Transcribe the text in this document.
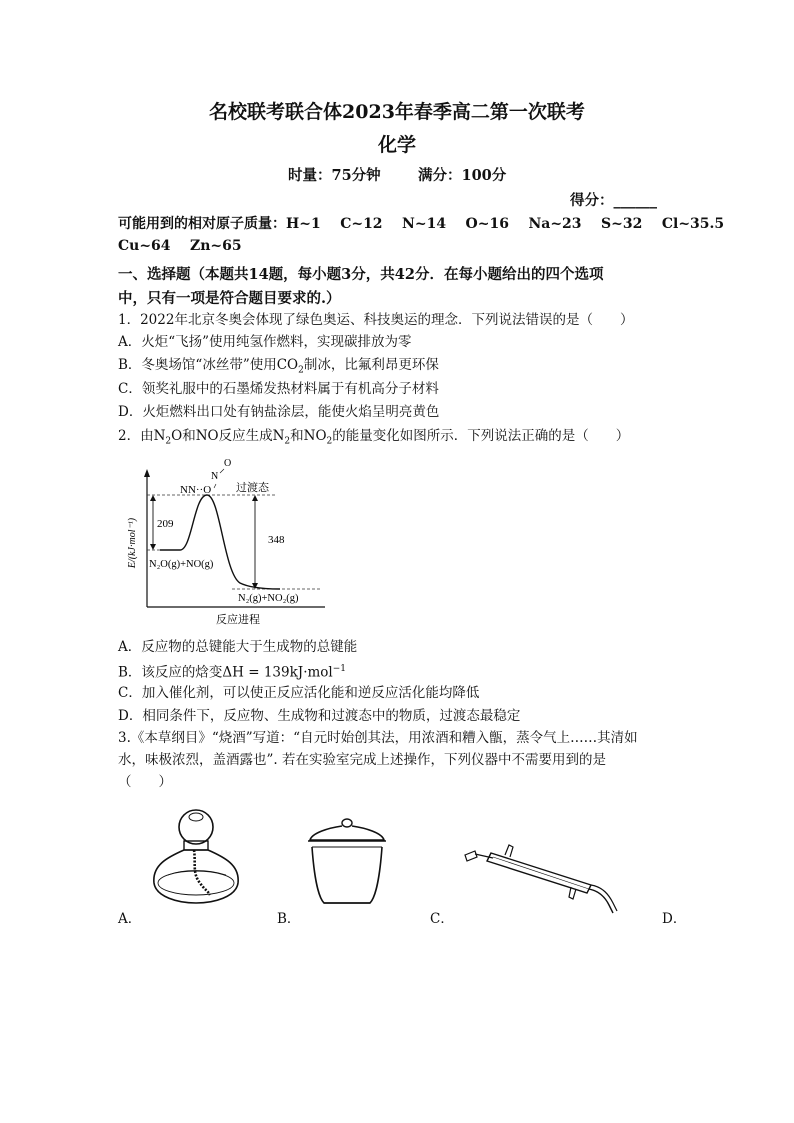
名校联考联合体2023年春季高二第一次联考
化学
时量：75分钟	满分：100分
得分：______
可能用到的相对原子质量：H~1    C~12    N~14    O~16    Na~23    S~32    Cl~35.5
Cu~64    Zn~65
一、选择题（本题共14题，每小题3分，共42分．在每小题给出的四个选项
中，只有一项是符合题目要求的.）
1．2022年北京冬奥会体现了绿色奥运、科技奥运的理念．下列说法错误的是（　　）
A．火炬“飞扬”使用纯氢作燃料，实现碳排放为零
B．冬奥场馆“冰丝带”使用$CO_2$制冰，比氟利昂更环保
C．领奖礼服中的石墨烯发热材料属于有机高分子材料
D．火炬燃料出口处有钠盐涂层，能使火焰呈明亮黄色
2．由$N_2O$和NO反应生成$N_2$和$NO_2$的能量变化如图所示．下列说法正确的是（　　）
E/(kJ·mol⁻¹)
反应进程
209
348
NN··O
N
O
过渡态
N₂O(g)+NO(g)
N₂(g)+NO₂(g)
A．反应物的总键能大于生成物的总键能
B．该反应的焓变ΔH = 139kJ·mol$^{-1}$
C．加入催化剂，可以使正反应活化能和逆反应活化能均降低
D．相同条件下，反应物、生成物和过渡态中的物质，过渡态最稳定
3.《本草纲目》“烧酒”写道：“自元时始创其法，用浓酒和糟入甑，蒸令气上……其清如
水，味极浓烈，盖酒露也”. 若在实验室完成上述操作，下列仪器中不需要用到的是
（　　）
A．	B．	C．	D．
